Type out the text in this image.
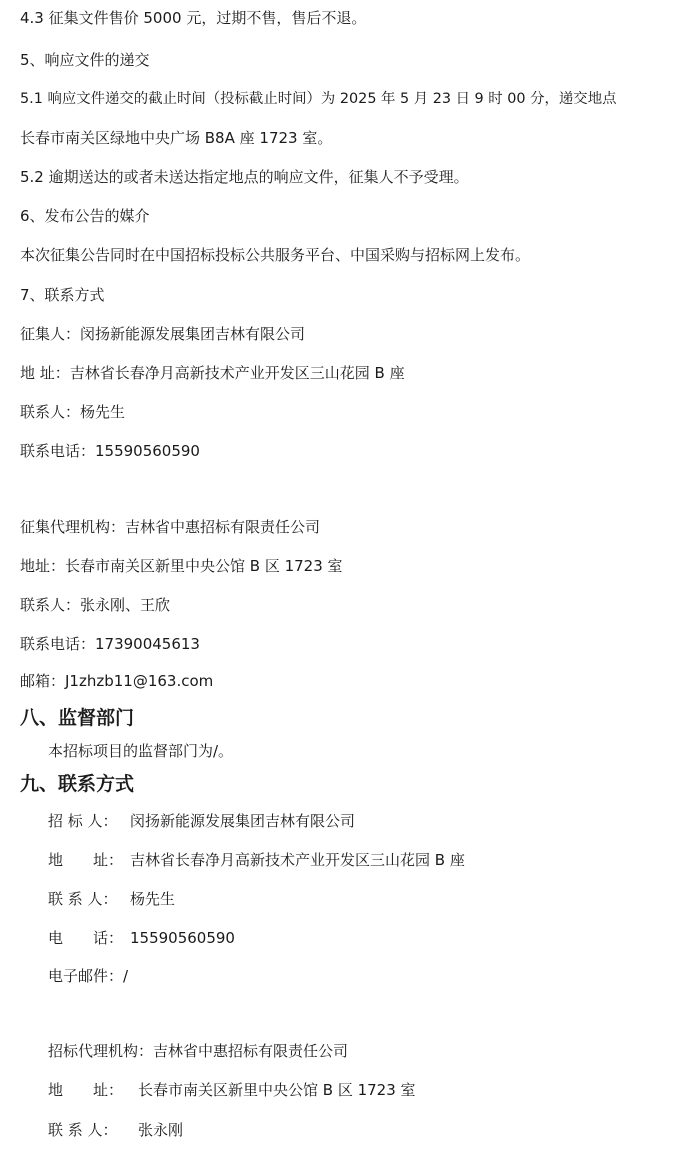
4.3 征集文件售价 5000 元，过期不售，售后不退。
5、响应文件的递交
5.1 响应文件递交的截止时间（投标截止时间）为 2025 年 5 月 23 日 9 时 00 分，递交地点
长春市南关区绿地中央广场 B8A 座 1723 室。
5.2 逾期送达的或者未送达指定地点的响应文件，征集人不予受理。
6、发布公告的媒介
本次征集公告同时在中国招标投标公共服务平台、中国采购与招标网上发布。
7、联系方式
征集人：闵扬新能源发展集团吉林有限公司
地 址：吉林省长春净月高新技术产业开发区三山花园 B 座
联系人：杨先生
联系电话：15590560590
征集代理机构：吉林省中惠招标有限责任公司
地址：长春市南关区新里中央公馆 B 区 1723 室
联系人：张永刚、王欣
联系电话：17390045613
邮箱：J1zhzb11@163.com
八、监督部门
本招标项目的监督部门为/。
九、联系方式
招 标 人： 闵扬新能源发展集团吉林有限公司
地　　址： 吉林省长春净月高新技术产业开发区三山花园 B 座
联 系 人： 杨先生
电　　话： 15590560590
电子邮件：/
招标代理机构：吉林省中惠招标有限责任公司
地　　址： 长春市南关区新里中央公馆 B 区 1723 室
联 系 人： 张永刚
